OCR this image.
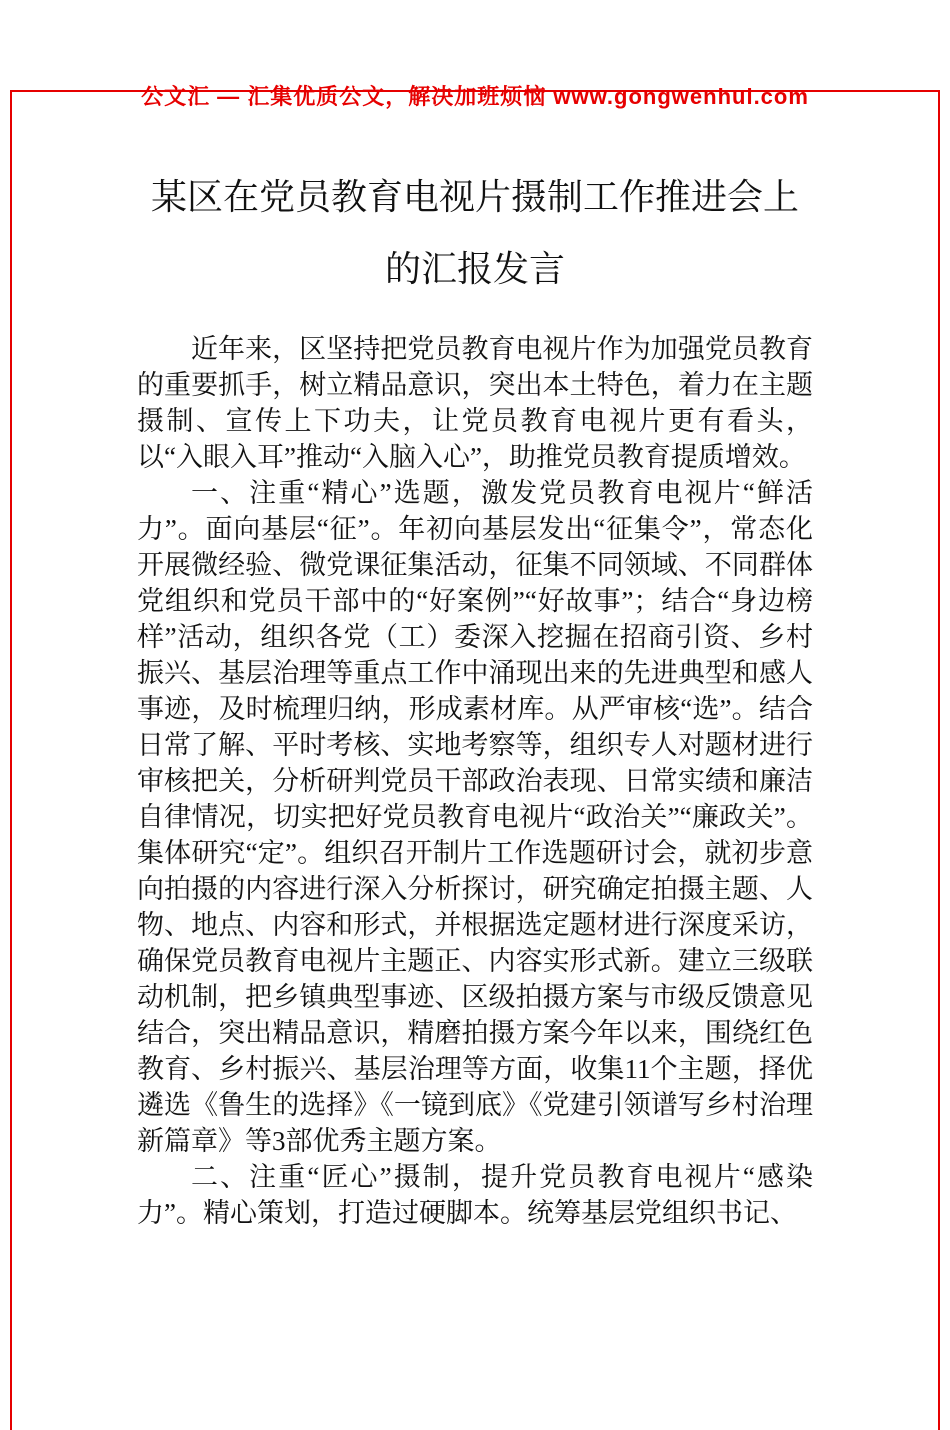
公文汇 — 汇集优质公文，解决加班烦恼 www.gongwenhui.com
某区在党员教育电视片摄制工作推进会上的汇报发言

近年来，区坚持把党员教育电视片作为加强党员教育的重要抓手，树立精品意识，突出本土特色，着力在主题摄制、宣传上下功夫，让党员教育电视片更有看头，以“入眼入耳”推动“入脑入心”，助推党员教育提质增效。

一、注重“精心”选题，激发党员教育电视片“鲜活力”。面向基层“征”。年初向基层发出“征集令”，常态化开展微经验、微党课征集活动，征集不同领域、不同群体党组织和党员干部中的“好案例”“好故事”；结合“身边榜样”活动，组织各党（工）委深入挖掘在招商引资、乡村振兴、基层治理等重点工作中涌现出来的先进典型和感人事迹，及时梳理归纳，形成素材库。从严审核“选”。结合日常了解、平时考核、实地考察等，组织专人对题材进行审核把关，分析研判党员干部政治表现、日常实绩和廉洁自律情况，切实把好党员教育电视片“政治关”“廉政关”。集体研究“定”。组织召开制片工作选题研讨会，就初步意向拍摄的内容进行深入分析探讨，研究确定拍摄主题、人物、地点、内容和形式，并根据选定题材进行深度采访，确保党员教育电视片主题正、内容实形式新。建立三级联动机制，把乡镇典型事迹、区级拍摄方案与市级反馈意见结合，突出精品意识，精磨拍摄方案今年以来，围绕红色教育、乡村振兴、基层治理等方面，收集11个主题，择优遴选《鲁生的选择》《一镜到底》《党建引领谱写乡村治理新篇章》等3部优秀主题方案。

二、注重“匠心”摄制，提升党员教育电视片“感染力”。精心策划，打造过硬脚本。统筹基层党组织书记、
